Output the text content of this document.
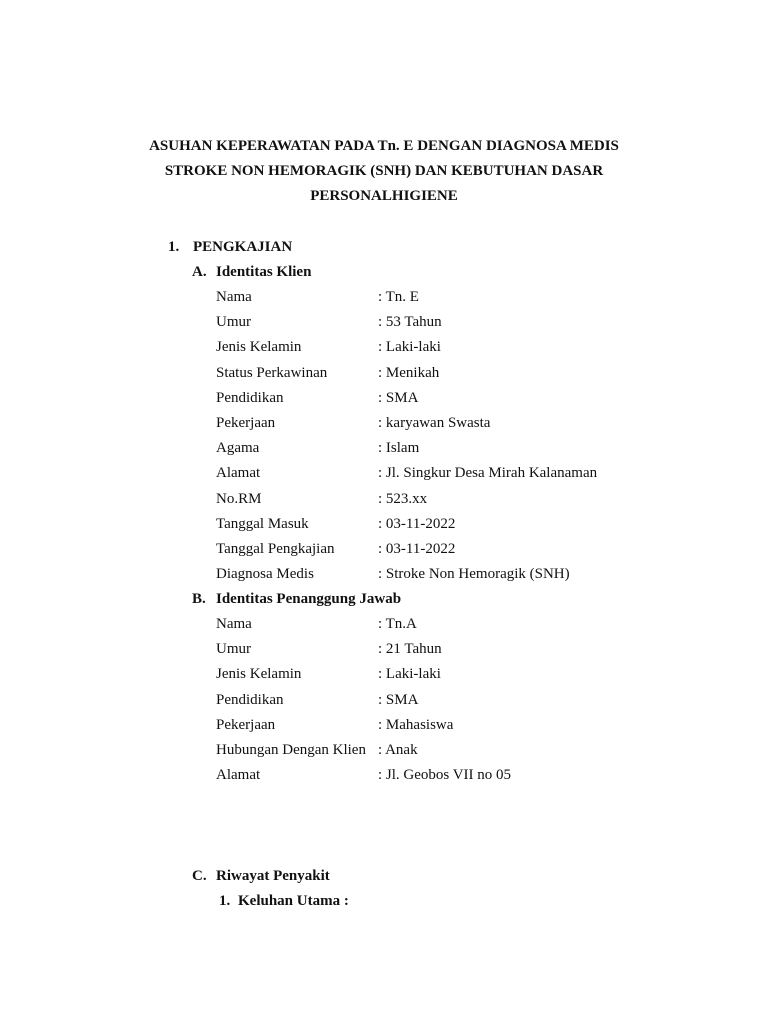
ASUHAN KEPERAWATAN PADA Tn. E DENGAN DIAGNOSA MEDIS
STROKE NON HEMORAGIK (SNH) DAN KEBUTUHAN DASAR
PERSONALHIGIENE
1. PENGKAJIAN
A. Identitas Klien
Nama	: Tn. E
Umur	: 53 Tahun
Jenis Kelamin	: Laki-laki
Status Perkawinan	: Menikah
Pendidikan	: SMA
Pekerjaan	: karyawan Swasta
Agama	: Islam
Alamat	: Jl. Singkur Desa Mirah Kalanaman
No.RM	: 523.xx
Tanggal Masuk	: 03-11-2022
Tanggal Pengkajian	: 03-11-2022
Diagnosa Medis	: Stroke Non Hemoragik (SNH)
B. Identitas Penanggung Jawab
Nama	: Tn.A
Umur	: 21 Tahun
Jenis Kelamin	: Laki-laki
Pendidikan	: SMA
Pekerjaan	: Mahasiswa
Hubungan Dengan Klien : Anak
Alamat	: Jl. Geobos VII no 05
C. Riwayat Penyakit
1. Keluhan Utama :
